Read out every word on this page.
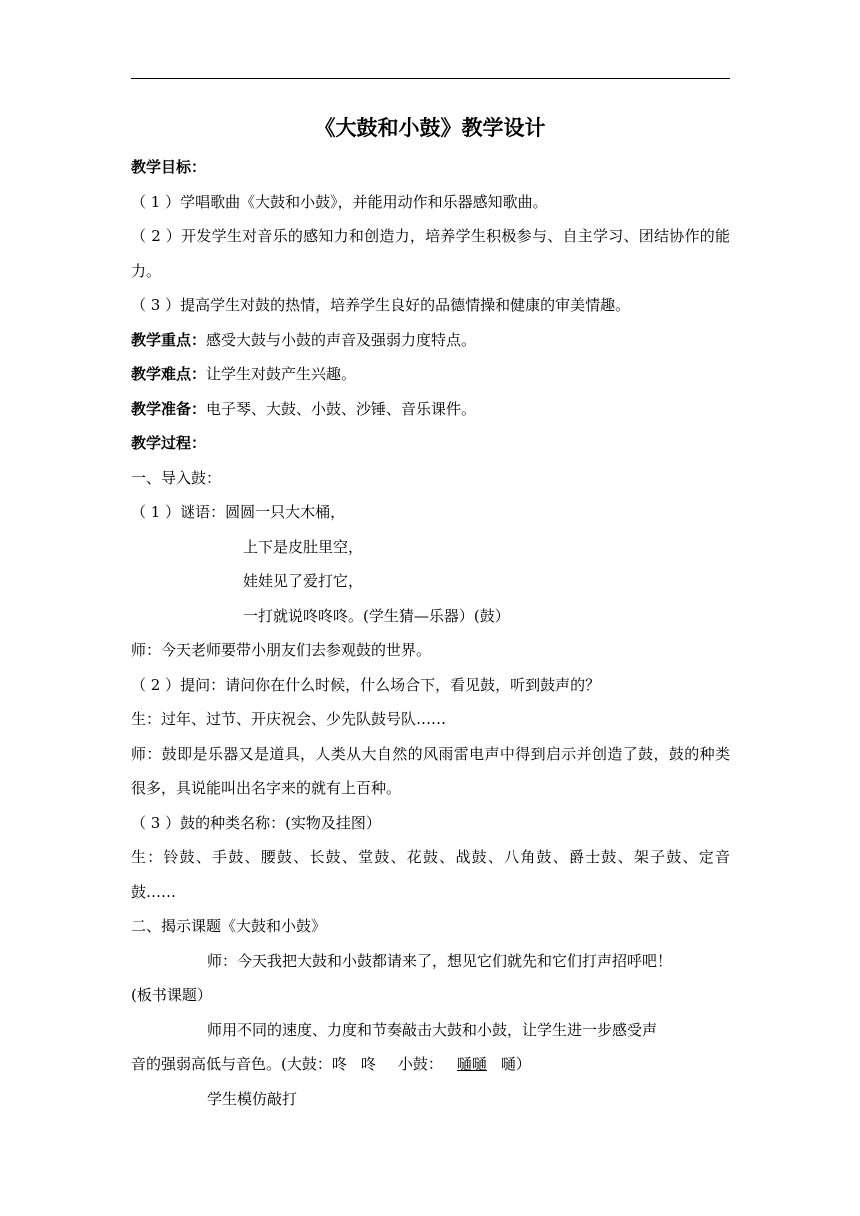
《大鼓和小鼓》教学设计

教学目标：

（ 1 ）学唱歌曲《大鼓和小鼓》，并能用动作和乐器感知歌曲。

（ 2 ）开发学生对音乐的感知力和创造力，培养学生积极参与、自主学习、团结协作的能力。

（ 3 ）提高学生对鼓的热情，培养学生良好的品德情操和健康的审美情趣。

教学重点：感受大鼓与小鼓的声音及强弱力度特点。

教学难点：让学生对鼓产生兴趣。

教学准备：电子琴、大鼓、小鼓、沙锤、音乐课件。

教学过程：

一、导入鼓：

（ 1 ）谜语：圆圆一只大木桶，

上下是皮肚里空，

娃娃见了爱打它，

一打就说咚咚咚。(学生猜—乐器）(鼓）

师：今天老师要带小朋友们去参观鼓的世界。

（ 2 ）提问：请问你在什么时候，什么场合下，看见鼓，听到鼓声的？

生：过年、过节、开庆祝会、少先队鼓号队……

师：鼓即是乐器又是道具，人类从大自然的风雨雷电声中得到启示并创造了鼓，鼓的种类很多，具说能叫出名字来的就有上百种。

（ 3 ）鼓的种类名称：(实物及挂图）

生：铃鼓、手鼓、腰鼓、长鼓、堂鼓、花鼓、战鼓、八角鼓、爵士鼓、架子鼓、定音鼓……

二、揭示课题《大鼓和小鼓》

师：今天我把大鼓和小鼓都请来了，想见它们就先和它们打声招呼吧！

(板书课题）

师用不同的速度、力度和节奏敲击大鼓和小鼓，让学生进一步感受声

音的强弱高低与音色。(大鼓：咚 咚 小鼓： 嗵嗵 嗵）

学生模仿敲打
